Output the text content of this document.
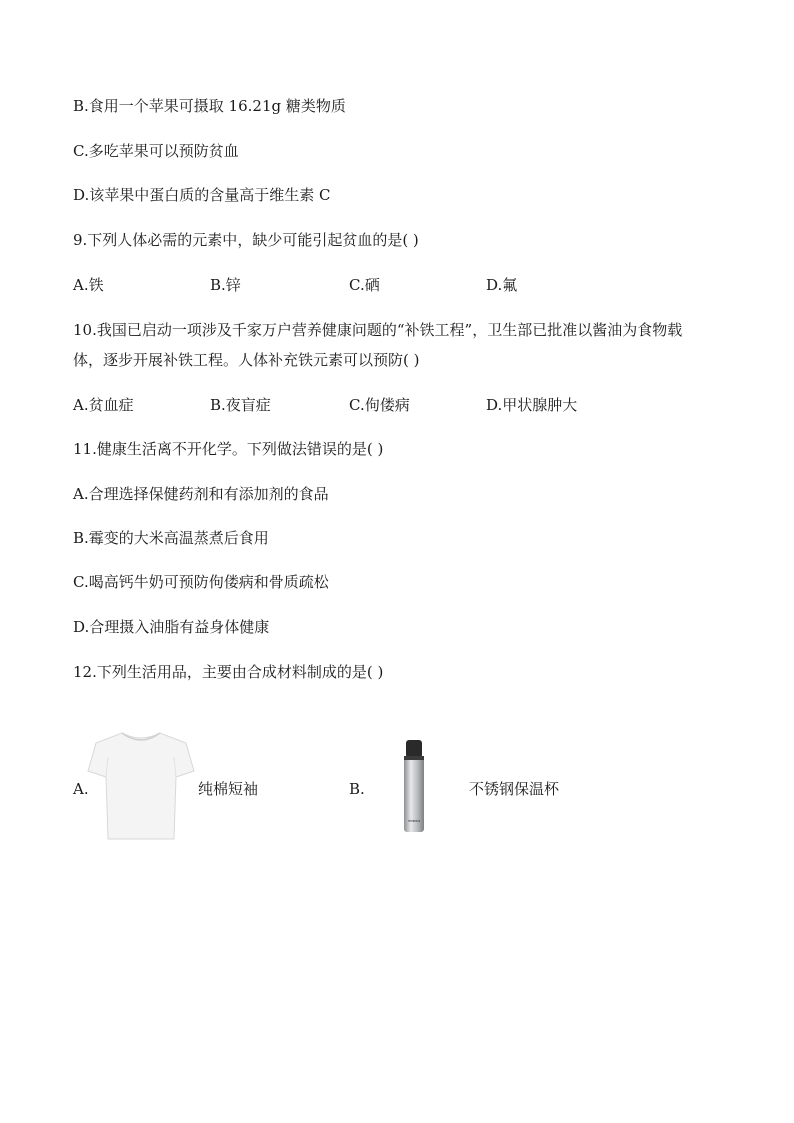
B.食用一个苹果可摄取 16.21g 糖类物质
C.多吃苹果可以预防贫血
D.该苹果中蛋白质的含量高于维生素 C
9.下列人体必需的元素中，缺少可能引起贫血的是( )
A.铁	B.锌	C.硒	D.氟
10.我国已启动一项涉及千家万户营养健康问题的“补铁工程”，卫生部已批准以酱油为食物载
体，逐步开展补铁工程。人体补充铁元素可以预防( )
A.贫血症	B.夜盲症	C.佝偻病	D.甲状腺肿大
11.健康生活离不开化学。下列做法错误的是( )
A.合理选择保健药剂和有添加剂的食品
B.霉变的大米高温蒸煮后食用
C.喝高钙牛奶可预防佝偻病和骨质疏松
D.合理摄入油脂有益身体健康
12.下列生活用品，主要由合成材料制成的是( )
A.	纯棉短袖	B.
THERMOS
不锈钢保温杯
